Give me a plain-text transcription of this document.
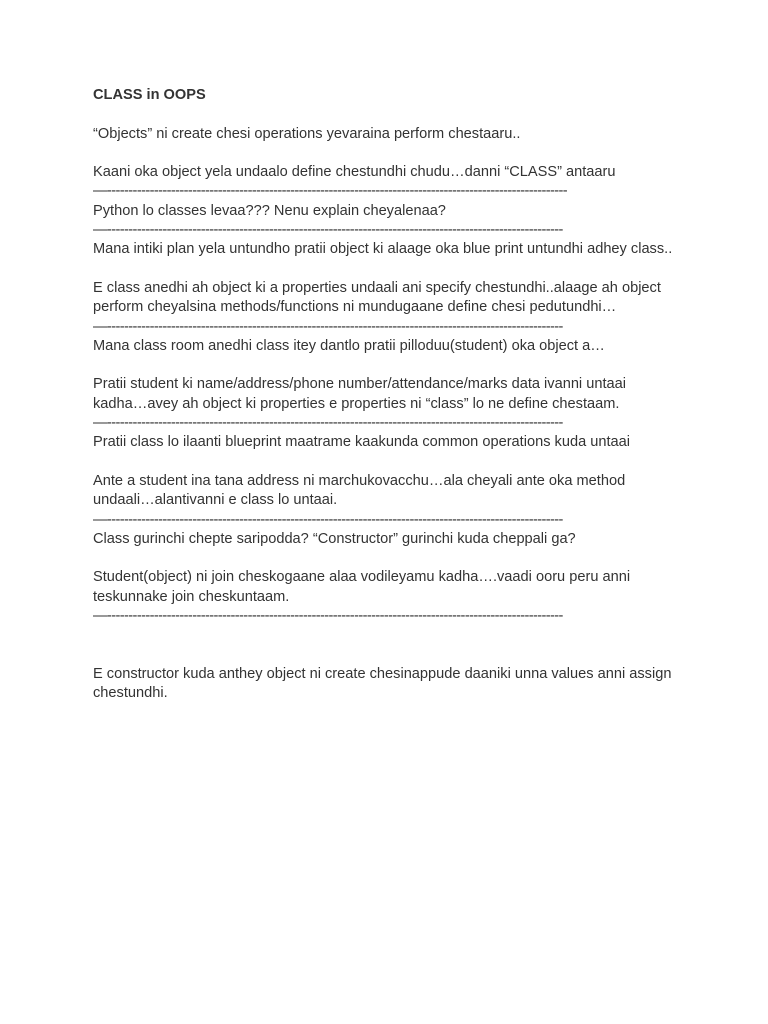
CLASS in OOPS

“Objects” ni create chesi operations yevaraina perform chestaaru..

Kaani oka object yela undaalo define chestundhi chudu…danni “CLASS” antaaru

—------------------------------------------------------------------------------------------------------------

Python lo classes levaa??? Nenu explain cheyalenaa?

—-----------------------------------------------------------------------------------------------------------

Mana intiki plan yela untundho pratii object ki alaage oka blue print untundhi adhey class..

E class anedhi ah object ki a properties undaali ani specify chestundhi..alaage ah object perform cheyalsina methods/functions ni mundugaane define chesi pedutundhi…

—-----------------------------------------------------------------------------------------------------------

Mana class room anedhi class itey dantlo pratii pilloduu(student) oka object a…

Pratii student ki name/address/phone number/attendance/marks data ivanni untaai kadha…avey ah object ki properties e properties ni “class” lo ne define chestaam.

—-----------------------------------------------------------------------------------------------------------

Pratii class lo ilaanti blueprint maatrame kaakunda common operations kuda untaai

Ante a student ina tana address ni marchukovacchu…ala cheyali ante oka method undaali…alantivanni e class lo untaai.

—-----------------------------------------------------------------------------------------------------------

Class gurinchi chepte saripodda? “Constructor” gurinchi kuda cheppali ga?

Student(object) ni join cheskogaane alaa vodileyamu kadha….vaadi ooru peru anni teskunnake join cheskuntaam.

—-----------------------------------------------------------------------------------------------------------

E constructor kuda anthey object ni create chesinappude daaniki unna values anni assign chestundhi.
